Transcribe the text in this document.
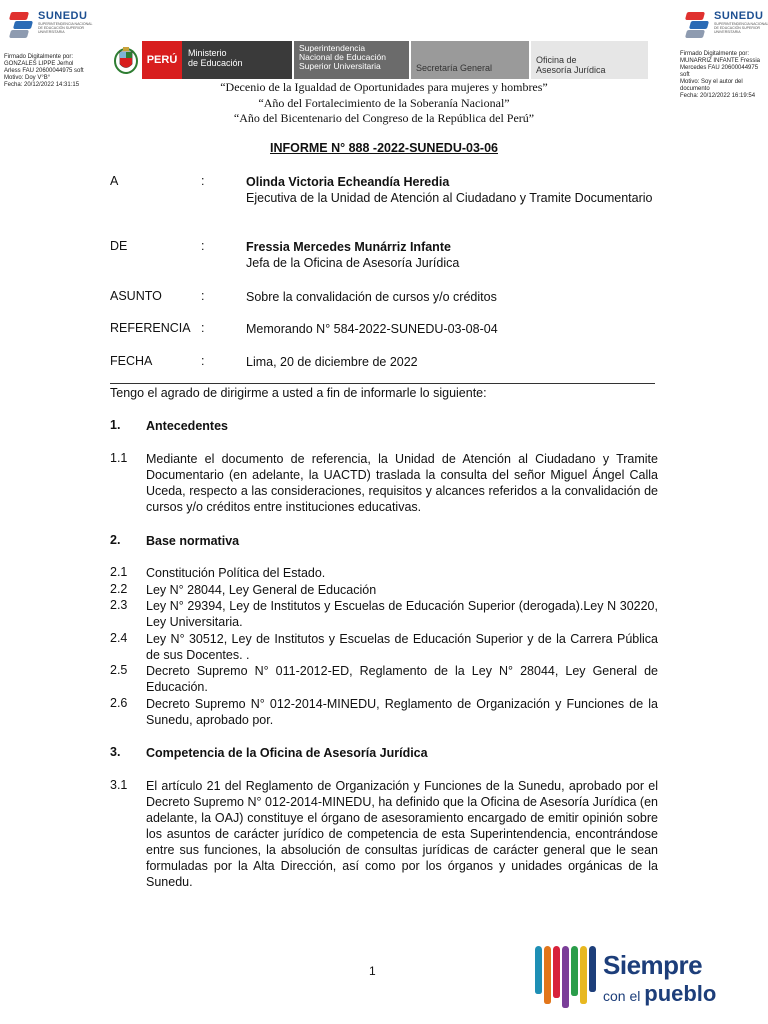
SUNEDU
SUPERINTENDENCIA NACIONAL DE EDUCACIÓN SUPERIOR UNIVERSITARIA
SUNEDU
SUPERINTENDENCIA NACIONAL DE EDUCACIÓN SUPERIOR UNIVERSITARIA
Firmado Digitalmente por:
GONZALES LIPPE Jerhol
Arless FAU 20600044975 soft
Motivo: Doy V°B°
Fecha: 20/12/2022 14:31:15
Firmado Digitalmente por:
MUNARRIZ INFANTE Fressia
Mercedes FAU 20600044975 soft
Motivo: Soy el autor del
documento
Fecha: 20/12/2022 16:19:54
PERÚ
Ministerio
de Educación
Superintendencia
Nacional de Educación
Superior Universitaria	Secretaría General
Oficina de
Asesoría Jurídica
“Decenio de la Igualdad de Oportunidades para mujeres y hombres”
“Año del Fortalecimiento de la Soberanía Nacional”
“Año del Bicentenario del Congreso de la República del Perú”
INFORME N° 888 -2022-SUNEDU-03-06
A	:	Olinda Victoria Echeandía Heredia
Ejecutiva de la Unidad de Atención al Ciudadano y Tramite Documentario
DE	:	Fressia Mercedes Munárriz Infante
Jefa de la Oficina de Asesoría Jurídica
ASUNTO	:	Sobre la convalidación de cursos y/o créditos
REFERENCIA :	Memorando N° 584-2022-SUNEDU-03-08-04
FECHA	:	Lima, 20 de diciembre de 2022
Tengo el agrado de dirigirme a usted a fin de informarle lo siguiente:
1. Antecedentes
1.1 Mediante el documento de referencia, la Unidad de Atención al Ciudadano y Tramite Documentario (en adelante, la UACTD) traslada la consulta del señor Miguel Ángel Calla Uceda, respecto a las consideraciones, requisitos y alcances referidos a la convalidación de cursos y/o créditos entre instituciones educativas.
2. Base normativa
2.1 Constitución Política del Estado.
2.2 Ley N° 28044, Ley General de Educación
2.3 Ley N° 29394, Ley de Institutos y Escuelas de Educación Superior (derogada).Ley N 30220, Ley Universitaria.
2.4 Ley N° 30512, Ley de Institutos y Escuelas de Educación Superior y de la Carrera Pública de sus Docentes. .
2.5 Decreto Supremo N° 011-2012-ED, Reglamento de la Ley N° 28044, Ley General de Educación.
2.6 Decreto Supremo N° 012-2014-MINEDU, Reglamento de Organización y Funciones de la Sunedu, aprobado por.
3. Competencia de la Oficina de Asesoría Jurídica
3.1 El artículo 21 del Reglamento de Organización y Funciones de la Sunedu, aprobado por el Decreto Supremo N° 012-2014-MINEDU, ha definido que la Oficina de Asesoría Jurídica (en adelante, la OAJ) constituye el órgano de asesoramiento encargado de emitir opinión sobre los asuntos de carácter jurídico de competencia de esta Superintendencia, encontrándose entre sus funciones, la absolución de consultas jurídicas de carácter general que le sean formuladas por la Alta Dirección, así como por los órganos y unidades orgánicas de la Sunedu.
1	Siempre
con el pueblo
